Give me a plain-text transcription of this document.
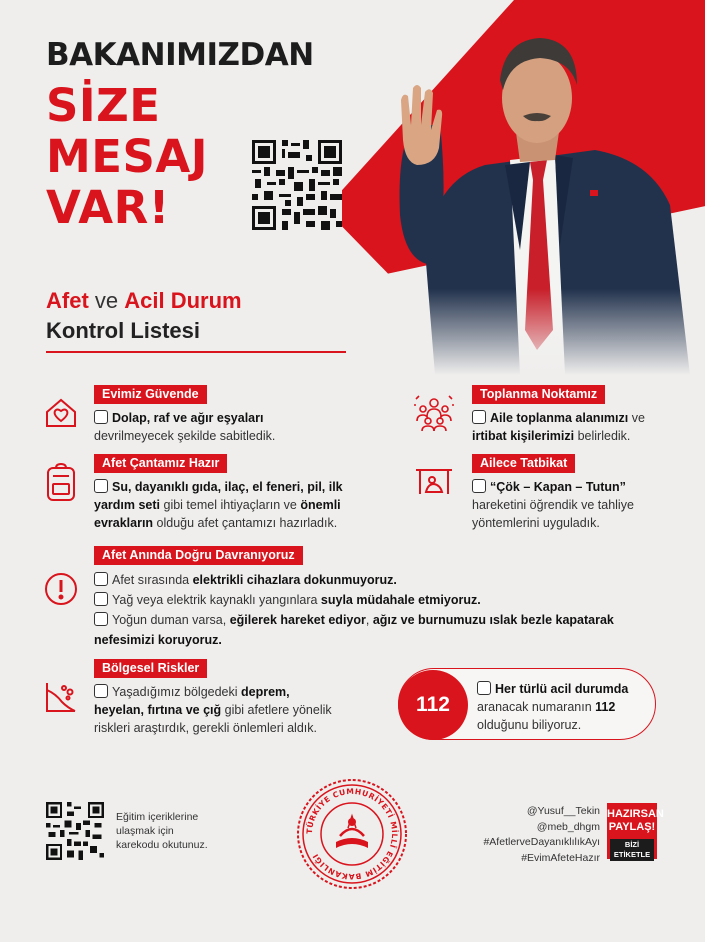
BAKANIMIZDAN
SİZE
MESAJ
VAR!
Afet ve Acil Durum
Kontrol Listesi
Evimiz Güvende
Dolap, raf ve ağır eşyaları
devrilmeyecek şekilde sabitledik.
Toplanma Noktamız
Aile toplanma alanımızı ve
irtibat kişilerimizi belirledik.
Afet Çantamız Hazır
Su, dayanıklı gıda, ilaç, el feneri, pil, ilk
yardım seti gibi temel ihtiyaçların ve önemli
evrakların olduğu afet çantamızı hazırladık.
Ailece Tatbikat
“Çök – Kapan – Tutun”
hareketini öğrendik ve tahliye
yöntemlerini uyguladık.
Afet Anında Doğru Davranıyoruz
Afet sırasında elektrikli cihazlara dokunmuyoruz.
Yağ veya elektrik kaynaklı yangınlara suyla müdahale etmiyoruz.
Yoğun duman varsa, eğilerek hareket ediyor, ağız ve burnumuzu ıslak bezle kapatarak
nefesimizi koruyoruz.
Bölgesel Riskler
Yaşadığımız bölgedeki deprem,
heyelan, fırtına ve çığ gibi afetlere yönelik
riskleri araştırdık, gerekli önlemleri aldık.
112
Her türlü acil durumda
aranacak numaranın 112
olduğunu biliyoruz.
Eğitim içeriklerine
ulaşmak için
karekodu okutunuz.
TÜRKİYE CUMHURİYETİ MİLLÎ EĞİTİM BAKANLIĞI
@Yusuf__Tekin
@meb_dhgm
#AfetlerveDayanıklılıkAyı
#EvimAfeteHazır
HAZIRSAN
PAYLAŞ!
BİZİ ETİKETLE
